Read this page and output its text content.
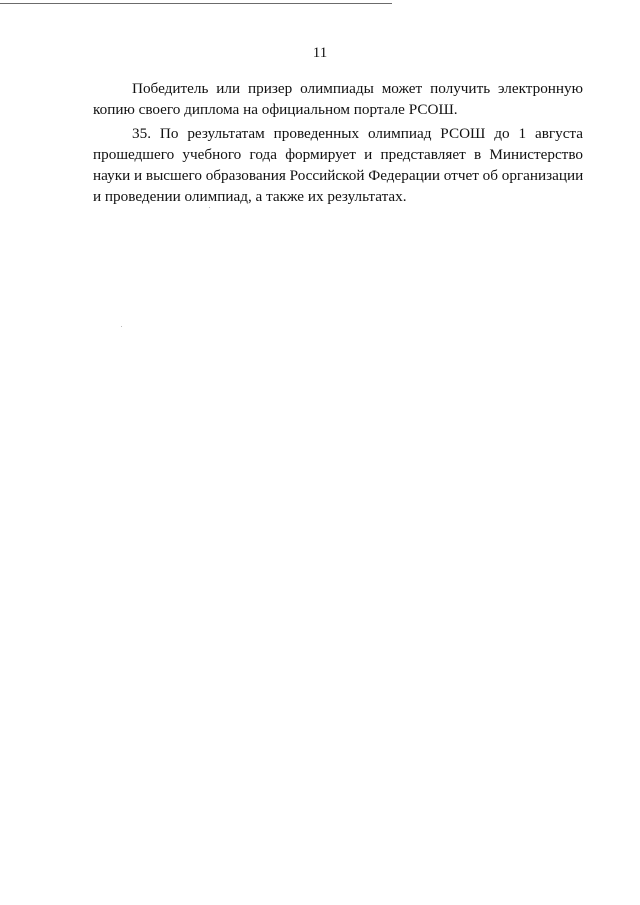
11

Победитель или призер олимпиады может получить электронную
копию своего диплома на официальном портале РСОШ.

35. По результатам проведенных олимпиад РСОШ до 1 августа
прошедшего учебного года формирует и представляет в Министерство
науки и высшего образования Российской Федерации отчет об организации
и проведении олимпиад, а также их результатах.
